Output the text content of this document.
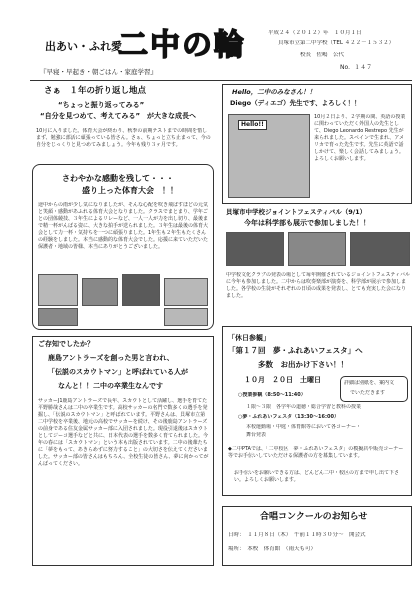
出あい・ふれ愛
二中の輪
『早寝・早起き・朝ごはん・家庭学習』
平成２４（２０１２）年　１０月１日
貝塚市立第二中学校（TEL ４２２－１５３２）
校長　佐嶋　公代
No．１４７
さぁ　１年の折り返し地点
“ちょっと振り返ってみる”
“自分を見つめて、考えてみる”　が大きな成長へ
10月に入りました。体育大会が終わり、秋季の前期テストまでの時間を惜しまず、勉強に部活に頑張っている皆さん。さぁ、ちょっと立ち止まって、今の自分をじっくりと見つめてみましょう。今年も残り３ヶ月です。
さわやかな感動を残して・・・
盛り上った体育大会　！！
途中からの雨が少し気になりましたが、そんな心配を吹き飛ばすほどの元気と笑顔・感動があふれる体育大会となりました。クラスでまとまり、学年ごとの団体競技、３年生によるリレーなど、一人一人が力を出し切り、最後まで精一杯がんばる姿に、大きな拍手が送られました。３年生は最後の体育大会として力一杯・気持ちを一つに頑張りました。1年生も２年生もたくさんの経験をしました。本当に感動的な体育大会でした。応援に来ていただいた保護者・地域の皆様、本当にありがとうございました。
ご存知でしたか？
鹿島アントラーズを創った男と言われ、
「伝説のスカウトマン」と呼ばれている人が
なんと！！二中の卒業生なんです
サッカーJ1鹿島アントラーズで長年、スカウトとして活躍し、選手を育てた平野勝哉さんは二中の卒業生です。高校サッカーの名門で数多くの選手を発掘し、「伝説のスカウトマン」と呼ばれています。平野さんは、貝塚市立第二中学校を卒業後、地元の高校でサッカーを続け、その後鹿島アントラーズの前身である住友金属サッカー部に入団されました。現役引退後はスカウトとしてジーコ選手などと共に、日本代表の選手を数多く育てられました。今年の春には「スカウトマン」という本も出版されています。二中の後輩たちに「夢をもって、あきらめずに努力すること」の大切さを伝えてくださいました。サッカー部の皆さんはもちろん、全校生徒の皆さん、夢に向かってがんばってください。
Hello，二中のみなさん！！
Diego（ディエゴ）先生です、よろしく！！
Hello!!
10月２日より、２学期の間、英語の授業に関わっていただく外国人の先生として、Diego Leonardo Restrepo 先生が来られました。スペインで生まれ、アメリカで育った先生です。先生に英語で話しかけて、楽しく会話してみましょう。よろしくお願いします。
貝塚市中学校ジョイントフェスティバル（9/1）
今年は科学部も展示で参加しました！！
中学校文化クラブの発表の場として毎年開催されているジョイントフェスティバルに今年も参加しました。二中からは吹奏楽部が演奏を、科学部が展示で参加しました。各学校の生徒がそれぞれの日頃の成果を発表し、とても充実した会になりました。
「休日参観」
「第１７回　夢・ふれあいフェスタ」へ
多数　お出かけ下さい！！
詳細は別紙を、案内文
でいただきます
１０月　２０日　土曜日
○授業参観（8:50～11:40）
１限～３限　各学年の道徳・総合学習と教科の授業
○夢・ふれあいフェスタ（13:30～16:00）
本校運動場・中庭・体育館等において各コーナー・
舞台発表
◆二中PTAでは、「二中校区　夢・ふれあいフェスタ」の模擬店や販売コーナー等でお手伝いしていただける保護者の方を募集しています。
お手伝いをお願いできる方は、どんどん二中・校区の方まで申し出て下さい。よろしくお願いします。
合唱コンクールのお知らせ
日時：　１１月８日（木）　午前１１時３０分～　開会式
場所：　本校　体育館　（雨天も可）
